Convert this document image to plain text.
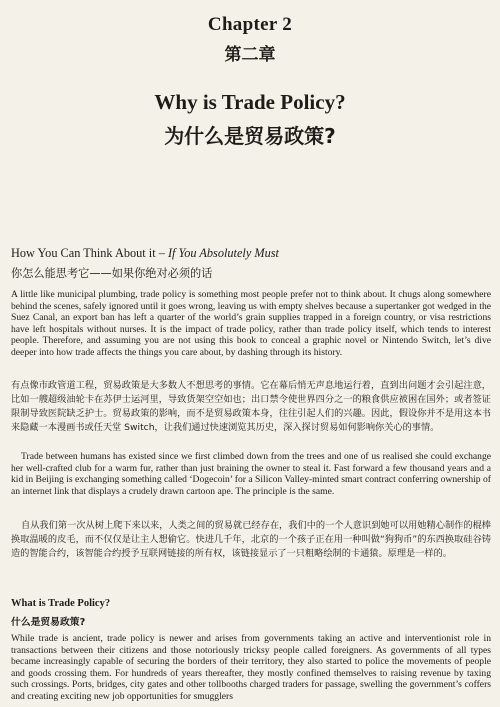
Chapter 2
第二章
Why is Trade Policy?
为什么是贸易政策?
How You Can Think About it – If You Absolutely Must
你怎么能思考它——如果你绝对必须的话

A little like municipal plumbing, trade policy is something most people prefer not to think about. It chugs along somewhere behind the scenes, safely ignored until it goes wrong, leaving us with empty shelves because a supertanker got wedged in the Suez Canal, an export ban has left a quarter of the world’s grain supplies trapped in a foreign country, or visa restrictions have left hospitals without nurses. It is the impact of trade policy, rather than trade policy itself, which tends to interest people. Therefore, and assuming you are not using this book to conceal a graphic novel or Nintendo Switch, let’s dive deeper into how trade affects the things you care about, by dashing through its history.

有点像市政管道工程，贸易政策是大多数人不想思考的事情。它在幕后悄无声息地运行着，直到出问题才会引起注意，比如一艘超级油轮卡在苏伊士运河里，导致货架空空如也；出口禁令使世界四分之一的粮食供应被困在国外；或者签证限制导致医院缺乏护士。贸易政策的影响，而不是贸易政策本身，往往引起人们的兴趣。因此，假设你并不是用这本书来隐藏一本漫画书或任天堂 Switch，让我们通过快速浏览其历史，深入探讨贸易如何影响你关心的事情。

Trade between humans has existed since we first climbed down from the trees and one of us realised she could exchange her well-crafted club for a warm fur, rather than just braining the owner to steal it. Fast forward a few thousand years and a kid in Beijing is exchanging something called ‘Dogecoin’ for a Silicon Valley-minted smart contract conferring ownership of an internet link that displays a crudely drawn cartoon ape. The principle is the same.

自从我们第一次从树上爬下来以来，人类之间的贸易就已经存在，我们中的一个人意识到她可以用她精心制作的棍棒换取温暖的皮毛，而不仅仅是让主人想偷它。快进几千年，北京的一个孩子正在用一种叫做“狗狗币”的东西换取硅谷铸造的智能合约，该智能合约授予互联网链接的所有权，该链接显示了一只粗略绘制的卡通猿。原理是一样的。

What is Trade Policy?
什么是贸易政策?

While trade is ancient, trade policy is newer and arises from governments taking an active and interventionist role in transactions between their citizens and those notoriously tricksy people called foreigners. As governments of all types became increasingly capable of securing the borders of their territory, they also started to police the movements of people and goods crossing them. For hundreds of years thereafter, they mostly confined themselves to raising revenue by taxing such crossings. Ports, bridges, city gates and other tollbooths charged traders for passage, swelling the government’s coffers and creating exciting new job opportunities for smugglers
